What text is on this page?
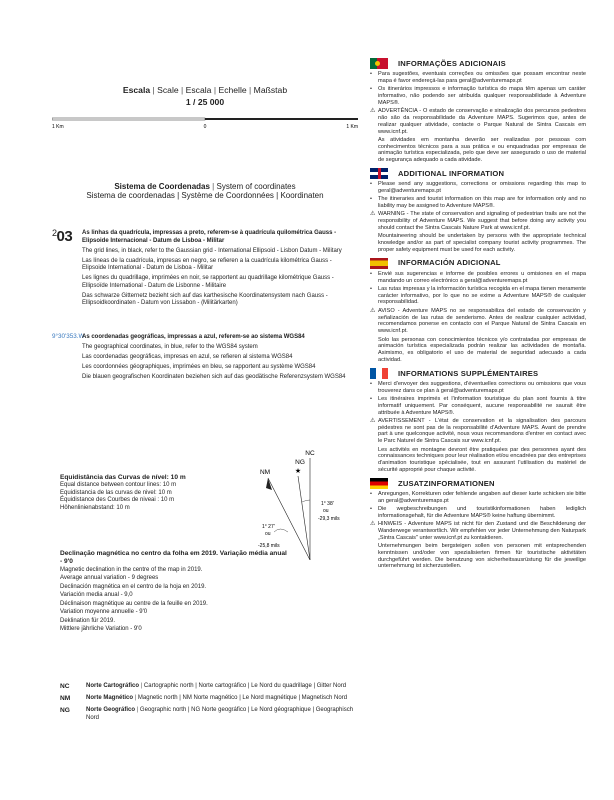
Escala | Scale | Escala | Echelle | Maßstab
1 / 25 000
1 Km	0	1 Km
Sistema de Coordenadas | System of coordinates
Sistema de coordenadas | Système de Coordonnées | Koordinaten
$^2$03 As linhas da quadrícula, impressas a preto, referem-se à quadrícula quilométrica Gauss - Elipsoide Internacional - Datum de Lisboa - Militar
The grid lines, in black, refer to the Gaussian grid - International Ellipsoid - Lisbon Datum - Military
Las líneas de la cuadrícula, impresas en negro, se refieren a la cuadrícula kilométrica Gauss - Elipsoide International - Datum de Lisboa - Militar
Les lignes du quadrillage, imprimées en noir, se rapportent au quadrillage kilométrique Gauss - Ellipsoïde International - Datum de Lisbonne - Militaire
Das schwarze Gitternetz bezieht sich auf das karthesische Koordinatensystem nach Gauss - Ellipsoidkoordinaten - Datum von Lissabon - (Militärkarten)
9°30'353.W
As coordenadas geográficas, impressas a azul, referem-se ao sistema WGS84
The geographical coordinates, in blue, refer to the WGS84 system
Las coordenadas geográficas, impresas en azul, se refieren al sistema WGS84
Les coordonnées géographiques, imprimées en bleu, se rapportent au système WGS84
Die blauen geografischen Koordinaten beziehen sich auf das geodätische Referenzsystem WGS84
★
NC
NM
NG
1° 38'
ou
-29,3 mils
1° 27'
ou
-25,8 mils
Equidistância das Curvas de nível: 10 m
Equal distance between contour lines: 10 m
Equidistancia de las curvas de nivel: 10 m
Équidistance des Courbes de niveai : 10 m
Höhenlinienabstand: 10 m
Declinação magnética no centro da folha em 2019. Variação média anual - 9'0
Magnetic declination in the centre of the map in 2019.
Average annual variation - 9 degrees
Declinación magnética en el centro de la hoja en 2019.
Variación media anual - 9,0
Déclinaison magnétique au centre de la feuille en 2019.
Variation moyenne annuelle - 9'0
Deklination für 2019.
Mittlere jährliche Variation - 9'0
NC	Norte Cartográfico | Cartographic north | Norte cartográfico | Le Nord du quadrillage | Gitter Nord
NM	Norte Magnético | Magnetic north | NM Norte magnético | Le Nord magnétique | Magnetisch Nord
NG	Norte Geográfico | Geographic north | NG Norte geográfico | Le Nord géographique | Geographisch Nord
INFORMAÇÕES ADICIONAIS
• Para sugestões, eventuais correções ou omissões que possam encontrar neste mapa é favor endereçá-las para geral@adventuremaps.pt
• Os itinerários impressos e informação turística do mapa têm apenas um caráter informativo, não podendo ser atribuída qualquer responsabilidade à Adventure MAPS®.
⚠ ADVERTÊNCIA - O estado de conservação e sinalização dos percursos pedestres não são da responsabilidade da Adventure MAPS. Sugerimos que, antes de realizar qualquer atividade, contacte o Parque Natural de Sintra Cascais em www.icnf.pt.
As atividades em montanha deverão ser realizadas por pessoas com conhecimentos técnicos para a sua prática e ou enquadradas por empresas de animação turística especializada, pelo que deve ser assegurado o uso de material de segurança adequado a cada atividade.
ADDITIONAL INFORMATION
• Please send any suggestions, corrections or omissions regarding this map to geral@adventuremaps.pt
• The itineraries and tourist information on this map are for information only and no liability may be assigned to Adventure MAPS®.
⚠ WARNING - The state of conservation and signaling of pedestrian trails are not the responsibility of Adventure MAPS. We suggest that before doing any activity you should contact the Sintra Cascais Nature Park at www.icnf.pt.
Mountaineering should be undertaken by persons with the appropriate technical knowledge and/or as part of specialist company tourist activity programmes. The proper safety equipment must be used for each activity.
INFORMACIÓN ADICIONAL
• Envié sus sugerencias e informe de posibles errores u omisiones en el mapa mandando un correo electrónico a geral@adventuremaps.pt
• Las rutas impresas y la información turística recogida en el mapa tienen meramente carácter informativo, por lo que no se exime a Adventure MAPS® de cualquier responsabilidad.
⚠ AVISO - Adventure MAPS no se responsabiliza del estado de conservación y señalización de las rutas de senderismo. Antes de realizar cualquier actividad, recomendamos ponerse en contacto con el Parque Natural de Sintra Cascais en www.icnf.pt.
Solo las personas con conocimientos técnicos y/o contratadas por empresas de animación turística especializada podrán realizar las actividades de montaña. Asimismo, es obligatorio el uso de material de seguridad adecuado a cada actividad.
INFORMATIONS SUPPLÉMENTAIRES
• Merci d'envoyer des suggestions, d'éventuelles corrections ou omissions que vous trouverez dans ce plan à geral@adventuremaps.pt
• Les itinéraires imprimés et l'information touristique du plan sont fournis à titre informatif uniquement. Par conséquent, aucune responsabilité ne saurait être attribuée à Adventure MAPS®.
⚠ AVERTISSEMENT - L'état de conservation et la signalisation des parcours pédestres ne sont pas de la responsabilité d'Adventure MAPS. Avant de prendre part à une quelconque activité, nous vous recommandons d'entrer en contact avec le Parc Naturel de Sintra Cascais sur www.icnf.pt.
Les activités en montagne devront être pratiquées par des personnes ayant des connaissances techniques pour leur réalisation et/ou encadrées par des entreprises d'animation touristique spécialisée, tout en assurant l'utilisation du matériel de sécurité approprié pour chaque activité.
ZUSATZINFORMATIONEN
• Anregungen, Korrekturen oder fehlende angaben auf dieser karte schicken sie bitte an geral@adventuremaps.pt
• Die wegbeschreibungen und touristikinformationen haben lediglich informationsgehalt, für die Adventure MAPS® keine haftung übernimmt.
⚠ HINWEIS - Adventure MAPS ist nicht für den Zustand und die Beschilderung der Wanderwege verantwortlich. Wir empfehlen vor jeder Unternehmung den Naturpark „Sintra Cascais" unter www.icnf.pt zu kontaktieren.
Unternehmungen beim bergsteigen sollen von personen mit entsprechenden kenntnissen und/oder von spezialisierten firmen für touristische aktivitäten durchgeführt werden. Die benutzung von sicherheitsausrüstung für die jeweilige unternehmung ist sicherzustellen.
